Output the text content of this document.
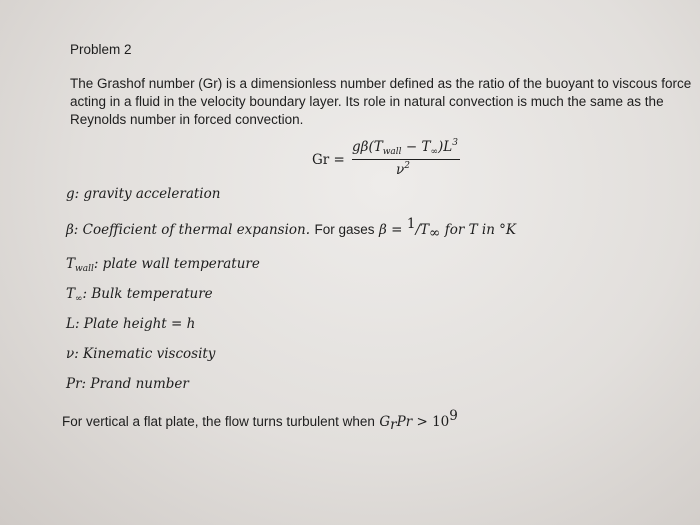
Problem 2
The Grashof number (Gr) is a dimensionless number defined as the ratio of the buoyant to viscous force
acting in a fluid in the velocity boundary layer. Its role in natural convection is much the same as the
Reynolds number in forced convection.
Gr =
$g\beta(T_{wall} - T_\infty)L^3$
$\nu^2$
g: gravity acceleration
β: Coefficient of thermal expansion. For gases $\beta = ^1/T_\infty$ for T in °K
$T_{wall}$: plate wall temperature
$T_\infty$: Bulk temperature
L: Plate height = h
ν: Kinematic viscosity
Pr: Prand number
For vertical a flat plate, the flow turns turbulent when $G_rPr > 10^9$
